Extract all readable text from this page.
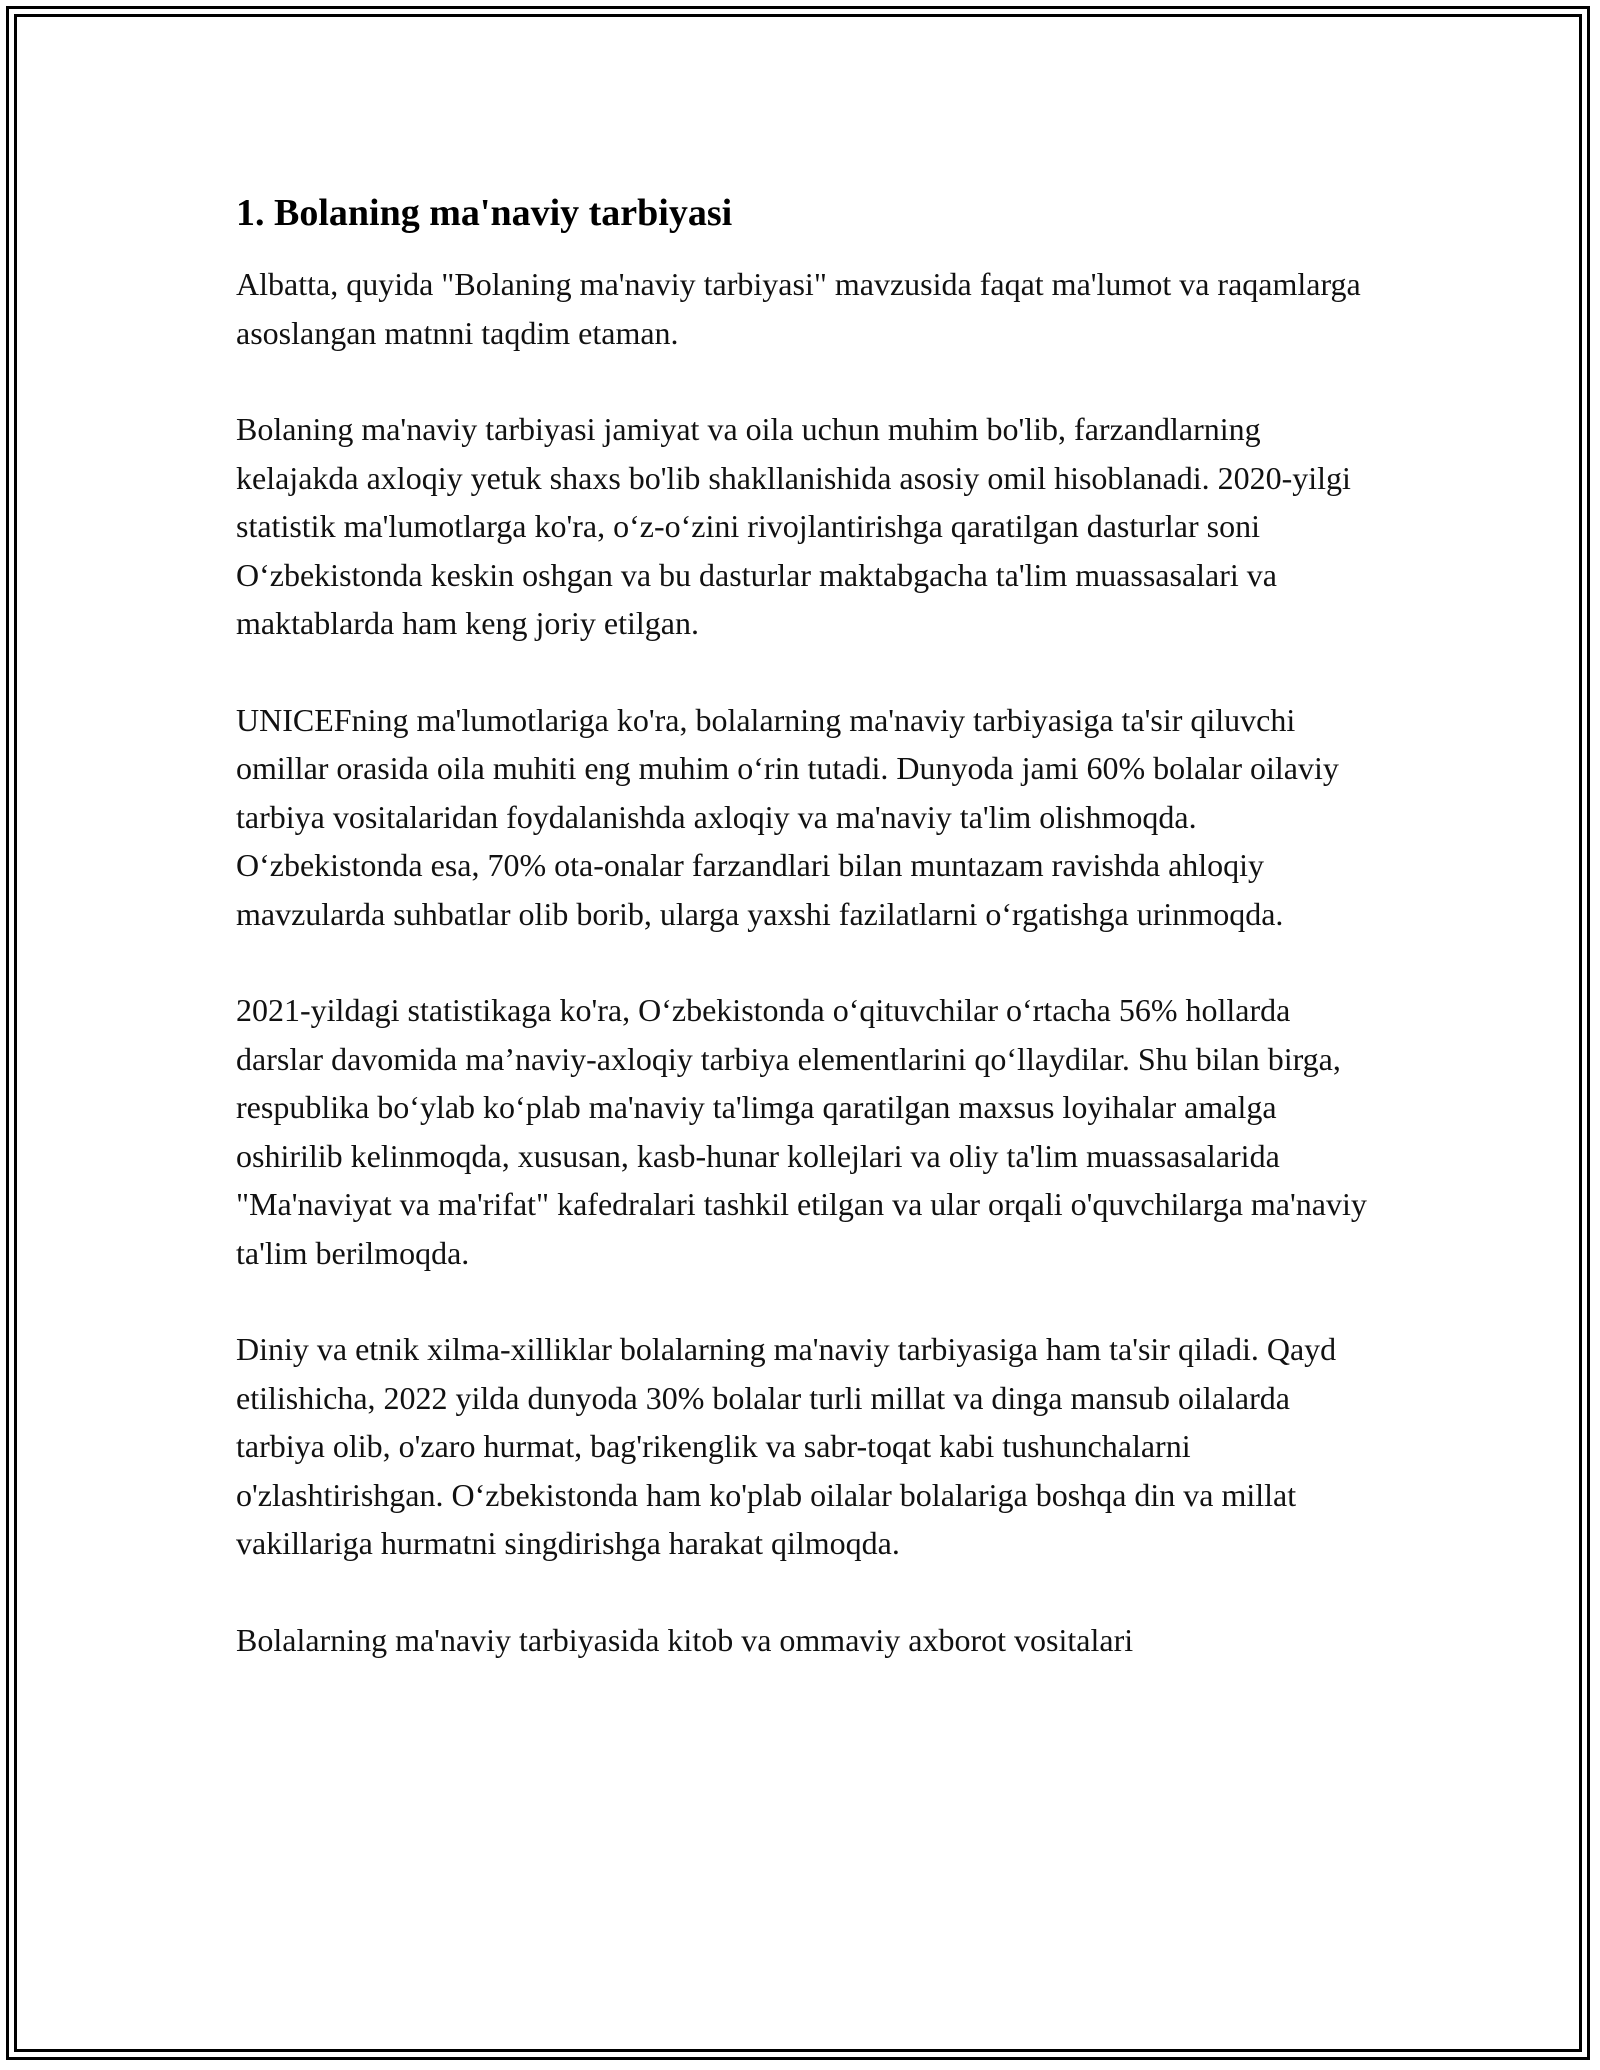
1. Bolaning ma'naviy tarbiyasi

Albatta, quyida "Bolaning ma'naviy tarbiyasi" mavzusida faqat ma'lumot va raqamlarga asoslangan matnni taqdim etaman.

Bolaning ma'naviy tarbiyasi jamiyat va oila uchun muhim bo'lib, farzandlarning kelajakda axloqiy yetuk shaxs bo'lib shakllanishida asosiy omil hisoblanadi. 2020-yilgi statistik ma'lumotlarga ko'ra, o‘z-o‘zini rivojlantirishga qaratilgan dasturlar soni O‘zbekistonda keskin oshgan va bu dasturlar maktabgacha ta'lim muassasalari va maktablarda ham keng joriy etilgan.

UNICEFning ma'lumotlariga ko'ra, bolalarning ma'naviy tarbiyasiga ta'sir qiluvchi omillar orasida oila muhiti eng muhim o‘rin tutadi. Dunyoda jami 60% bolalar oilaviy tarbiya vositalaridan foydalanishda axloqiy va ma'naviy ta'lim olishmoqda. O‘zbekistonda esa, 70% ota-onalar farzandlari bilan muntazam ravishda ahloqiy mavzularda suhbatlar olib borib, ularga yaxshi fazilatlarni o‘rgatishga urinmoqda.

2021-yildagi statistikaga ko'ra, O‘zbekistonda o‘qituvchilar o‘rtacha 56% hollarda darslar davomida ma’naviy-axloqiy tarbiya elementlarini qo‘llaydilar. Shu bilan birga, respublika bo‘ylab ko‘plab ma'naviy ta'limga qaratilgan maxsus loyihalar amalga oshirilib kelinmoqda, xususan, kasb-hunar kollejlari va oliy ta'lim muassasalarida "Ma'naviyat va ma'rifat" kafedralari tashkil etilgan va ular orqali o'quvchilarga ma'naviy ta'lim berilmoqda.

Diniy va etnik xilma-xilliklar bolalarning ma'naviy tarbiyasiga ham ta'sir qiladi. Qayd etilishicha, 2022 yilda dunyoda 30% bolalar turli millat va dinga mansub oilalarda tarbiya olib, o'zaro hurmat, bag'rikenglik va sabr-toqat kabi tushunchalarni o'zlashtirishgan. O‘zbekistonda ham ko'plab oilalar bolalariga boshqa din va millat vakillariga hurmatni singdirishga harakat qilmoqda.

Bolalarning ma'naviy tarbiyasida kitob va ommaviy axborot vositalari
